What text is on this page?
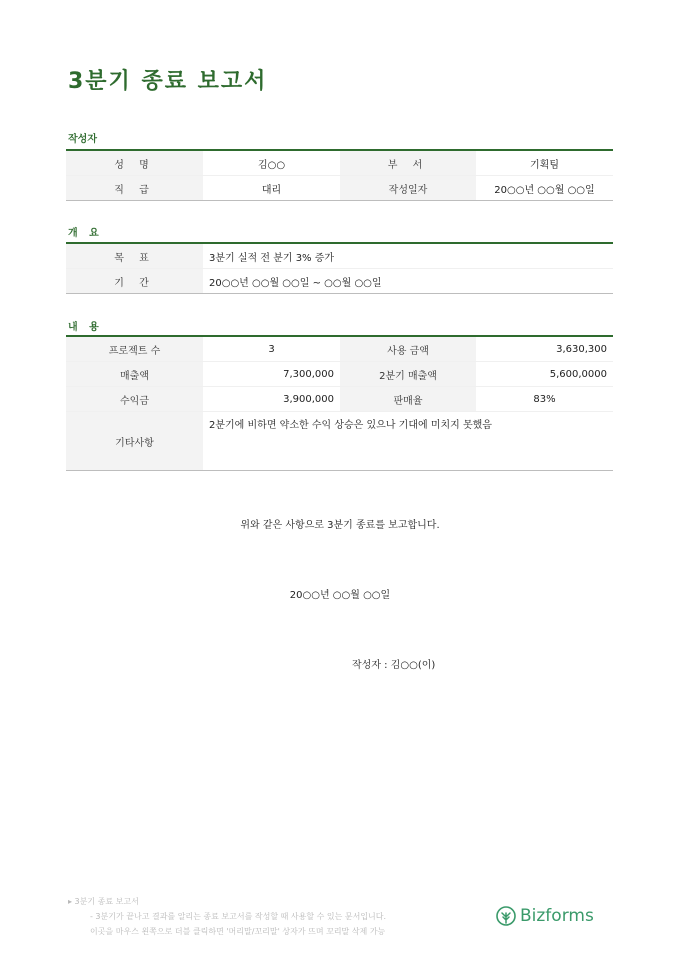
3분기 종료 보고서
작성자
성 명	김○○	부 서	기획팀
직 급	대리	작성일자	20○○년 ○○월 ○○일
개 요
목 표	3분기 실적 전 분기 3% 증가
기 간	20○○년 ○○월 ○○일 ~ ○○월 ○○일
내 용
프로젝트 수	3	사용 금액	3,630,300
매출액	7,300,000	2분기 매출액	5,600,0000
수익금	3,900,000	판매율	83%
기타사항	2분기에 비하면 약소한 수익 상승은 있으나 기대에 미치지 못했음		
위와 같은 사항으로 3분기 종료를 보고합니다.
20○○년 ○○월 ○○일
작성자 : 김○○(이)
▸ 3분기 종료 보고서
- 3분기가 끝나고 결과를 알리는 종료 보고서를 작성할 때 사용할 수 있는 문서입니다.
이곳을 마우스 왼쪽으로 더블 클릭하면 '머리말/꼬리말' 상자가 뜨며 꼬리말 삭제 가능
Bizforms
